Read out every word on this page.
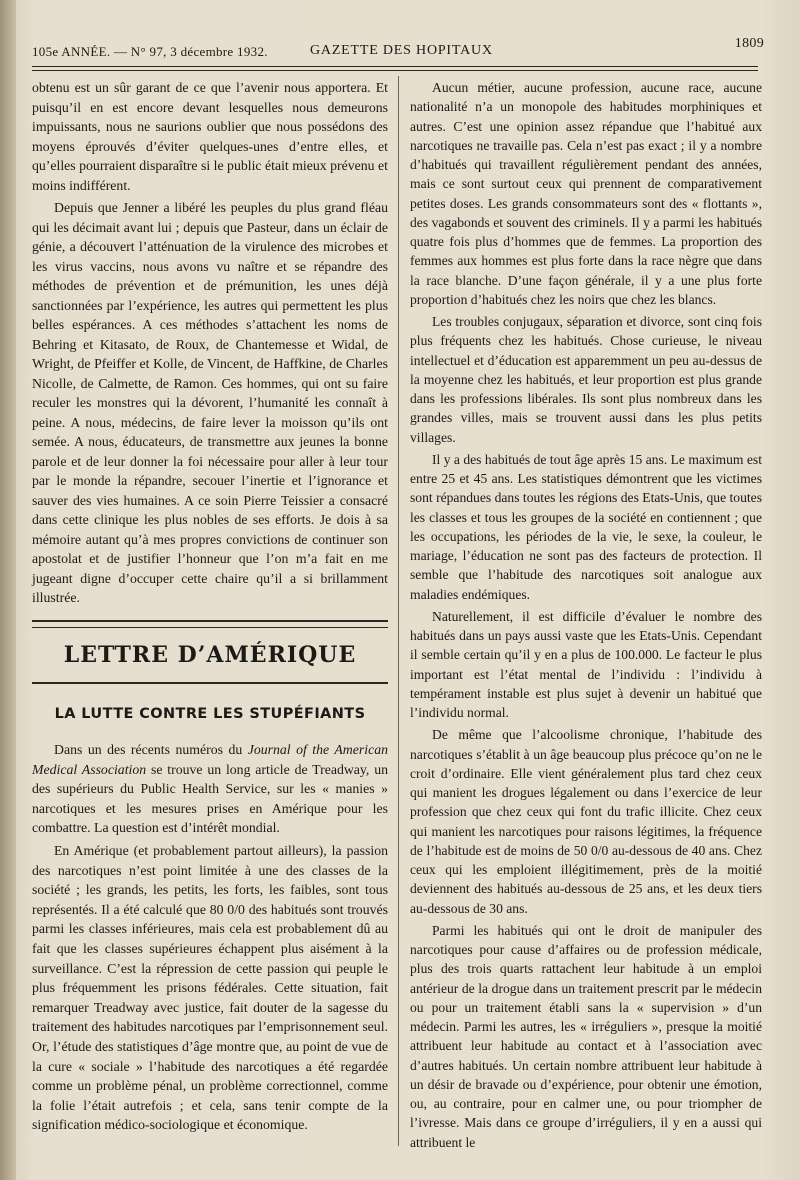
105e ANNÉE. — N° 97, 3 décembre 1932.	GAZETTE DES HOPITAUX	1809

obtenu est un sûr garant de ce que l’avenir nous apportera. Et puisqu’il en est encore devant lesquelles nous demeurons impuissants, nous ne saurions oublier que nous possédons des moyens éprouvés d’éviter quelques-unes d’entre elles, et qu’elles pourraient disparaître si le public était mieux prévenu et moins indifférent.

Depuis que Jenner a libéré les peuples du plus grand fléau qui les décimait avant lui ; depuis que Pasteur, dans un éclair de génie, a découvert l’atténuation de la virulence des microbes et les virus vaccins, nous avons vu naître et se répandre des méthodes de prévention et de prémunition, les unes déjà sanctionnées par l’expérience, les autres qui permettent les plus belles espérances. A ces méthodes s’attachent les noms de Behring et Kitasato, de Roux, de Chantemesse et Widal, de Wright, de Pfeiffer et Kolle, de Vincent, de Haffkine, de Charles Nicolle, de Calmette, de Ramon. Ces hommes, qui ont su faire reculer les monstres qui la dévorent, l’humanité les connaît à peine. A nous, médecins, de faire lever la moisson qu’ils ont semée. A nous, éducateurs, de transmettre aux jeunes la bonne parole et de leur donner la foi nécessaire pour aller à leur tour par le monde la répandre, secouer l’inertie et l’ignorance et sauver des vies humaines. A ce soin Pierre Teissier a consacré dans cette clinique les plus nobles de ses efforts. Je dois à sa mémoire autant qu’à mes propres convictions de continuer son apostolat et de justifier l’honneur que l’on m’a fait en me jugeant digne d’occuper cette chaire qu’il a si brillamment illustrée.

LETTRE D’AMÉRIQUE
LA LUTTE CONTRE LES STUPÉFIANTS

Dans un des récents numéros du Journal of the American Medical Association se trouve un long article de Treadway, un des supérieurs du Public Health Service, sur les « manies » narcotiques et les mesures prises en Amérique pour les combattre. La question est d’intérêt mondial.

En Amérique (et probablement partout ailleurs), la passion des narcotiques n’est point limitée à une des classes de la société ; les grands, les petits, les forts, les faibles, sont tous représentés. Il a été calculé que 80 0/0 des habitués sont trouvés parmi les classes inférieures, mais cela est probablement dû au fait que les classes supérieures échappent plus aisément à la surveillance. C’est la répression de cette passion qui peuple le plus fréquemment les prisons fédérales. Cette situation, fait remarquer Treadway avec justice, fait douter de la sagesse du traitement des habitudes narcotiques par l’emprisonnement seul. Or, l’étude des statistiques d’âge montre que, au point de vue de la cure « sociale » l’habitude des narcotiques a été regardée comme un problème pénal, un problème correctionnel, comme la folie l’était autrefois ; et cela, sans tenir compte de la signification médico-sociologique et économique.

Aucun métier, aucune profession, aucune race, aucune nationalité n’a un monopole des habitudes morphiniques et autres. C’est une opinion assez répandue que l’habitué aux narcotiques ne travaille pas. Cela n’est pas exact ; il y a nombre d’habitués qui travaillent régulièrement pendant des années, mais ce sont surtout ceux qui prennent de comparativement petites doses. Les grands consommateurs sont des « flottants », des vagabonds et souvent des criminels. Il y a parmi les habitués quatre fois plus d’hommes que de femmes. La proportion des femmes aux hommes est plus forte dans la race nègre que dans la race blanche. D’une façon générale, il y a une plus forte proportion d’habitués chez les noirs que chez les blancs.

Les troubles conjugaux, séparation et divorce, sont cinq fois plus fréquents chez les habitués. Chose curieuse, le niveau intellectuel et d’éducation est apparemment un peu au-dessus de la moyenne chez les habitués, et leur proportion est plus grande dans les professions libérales. Ils sont plus nombreux dans les grandes villes, mais se trouvent aussi dans les plus petits villages.

Il y a des habitués de tout âge après 15 ans. Le maximum est entre 25 et 45 ans. Les statistiques démontrent que les victimes sont répandues dans toutes les régions des Etats-Unis, que toutes les classes et tous les groupes de la société en contiennent ; que les occupations, les périodes de la vie, le sexe, la couleur, le mariage, l’éducation ne sont pas des facteurs de protection. Il semble que l’habitude des narcotiques soit analogue aux maladies endémiques.

Naturellement, il est difficile d’évaluer le nombre des habitués dans un pays aussi vaste que les Etats-Unis. Cependant il semble certain qu’il y en a plus de 100.000. Le facteur le plus important est l’état mental de l’individu : l’individu à tempérament instable est plus sujet à devenir un habitué que l’individu normal.

De même que l’alcoolisme chronique, l’habitude des narcotiques s’établit à un âge beaucoup plus précoce qu’on ne le croit d’ordinaire. Elle vient généralement plus tard chez ceux qui manient les drogues légalement ou dans l’exercice de leur profession que chez ceux qui font du trafic illicite. Chez ceux qui manient les narcotiques pour raisons légitimes, la fréquence de l’habitude est de moins de 50 0/0 au-dessous de 40 ans. Chez ceux qui les emploient illégitimement, près de la moitié deviennent des habitués au-dessous de 25 ans, et les deux tiers au-dessous de 30 ans.

Parmi les habitués qui ont le droit de manipuler des narcotiques pour cause d’affaires ou de profession médicale, plus des trois quarts rattachent leur habitude à un emploi antérieur de la drogue dans un traitement prescrit par le médecin ou pour un traitement établi sans la « supervision » d’un médecin. Parmi les autres, les « irréguliers », presque la moitié attribuent leur habitude au contact et à l’association avec d’autres habitués. Un certain nombre attribuent leur habitude à un désir de bravade ou d’expérience, pour obtenir une émotion, ou, au contraire, pour en calmer une, ou pour triompher de l’ivresse. Mais dans ce groupe d’irréguliers, il y en a aussi qui attribuent le
